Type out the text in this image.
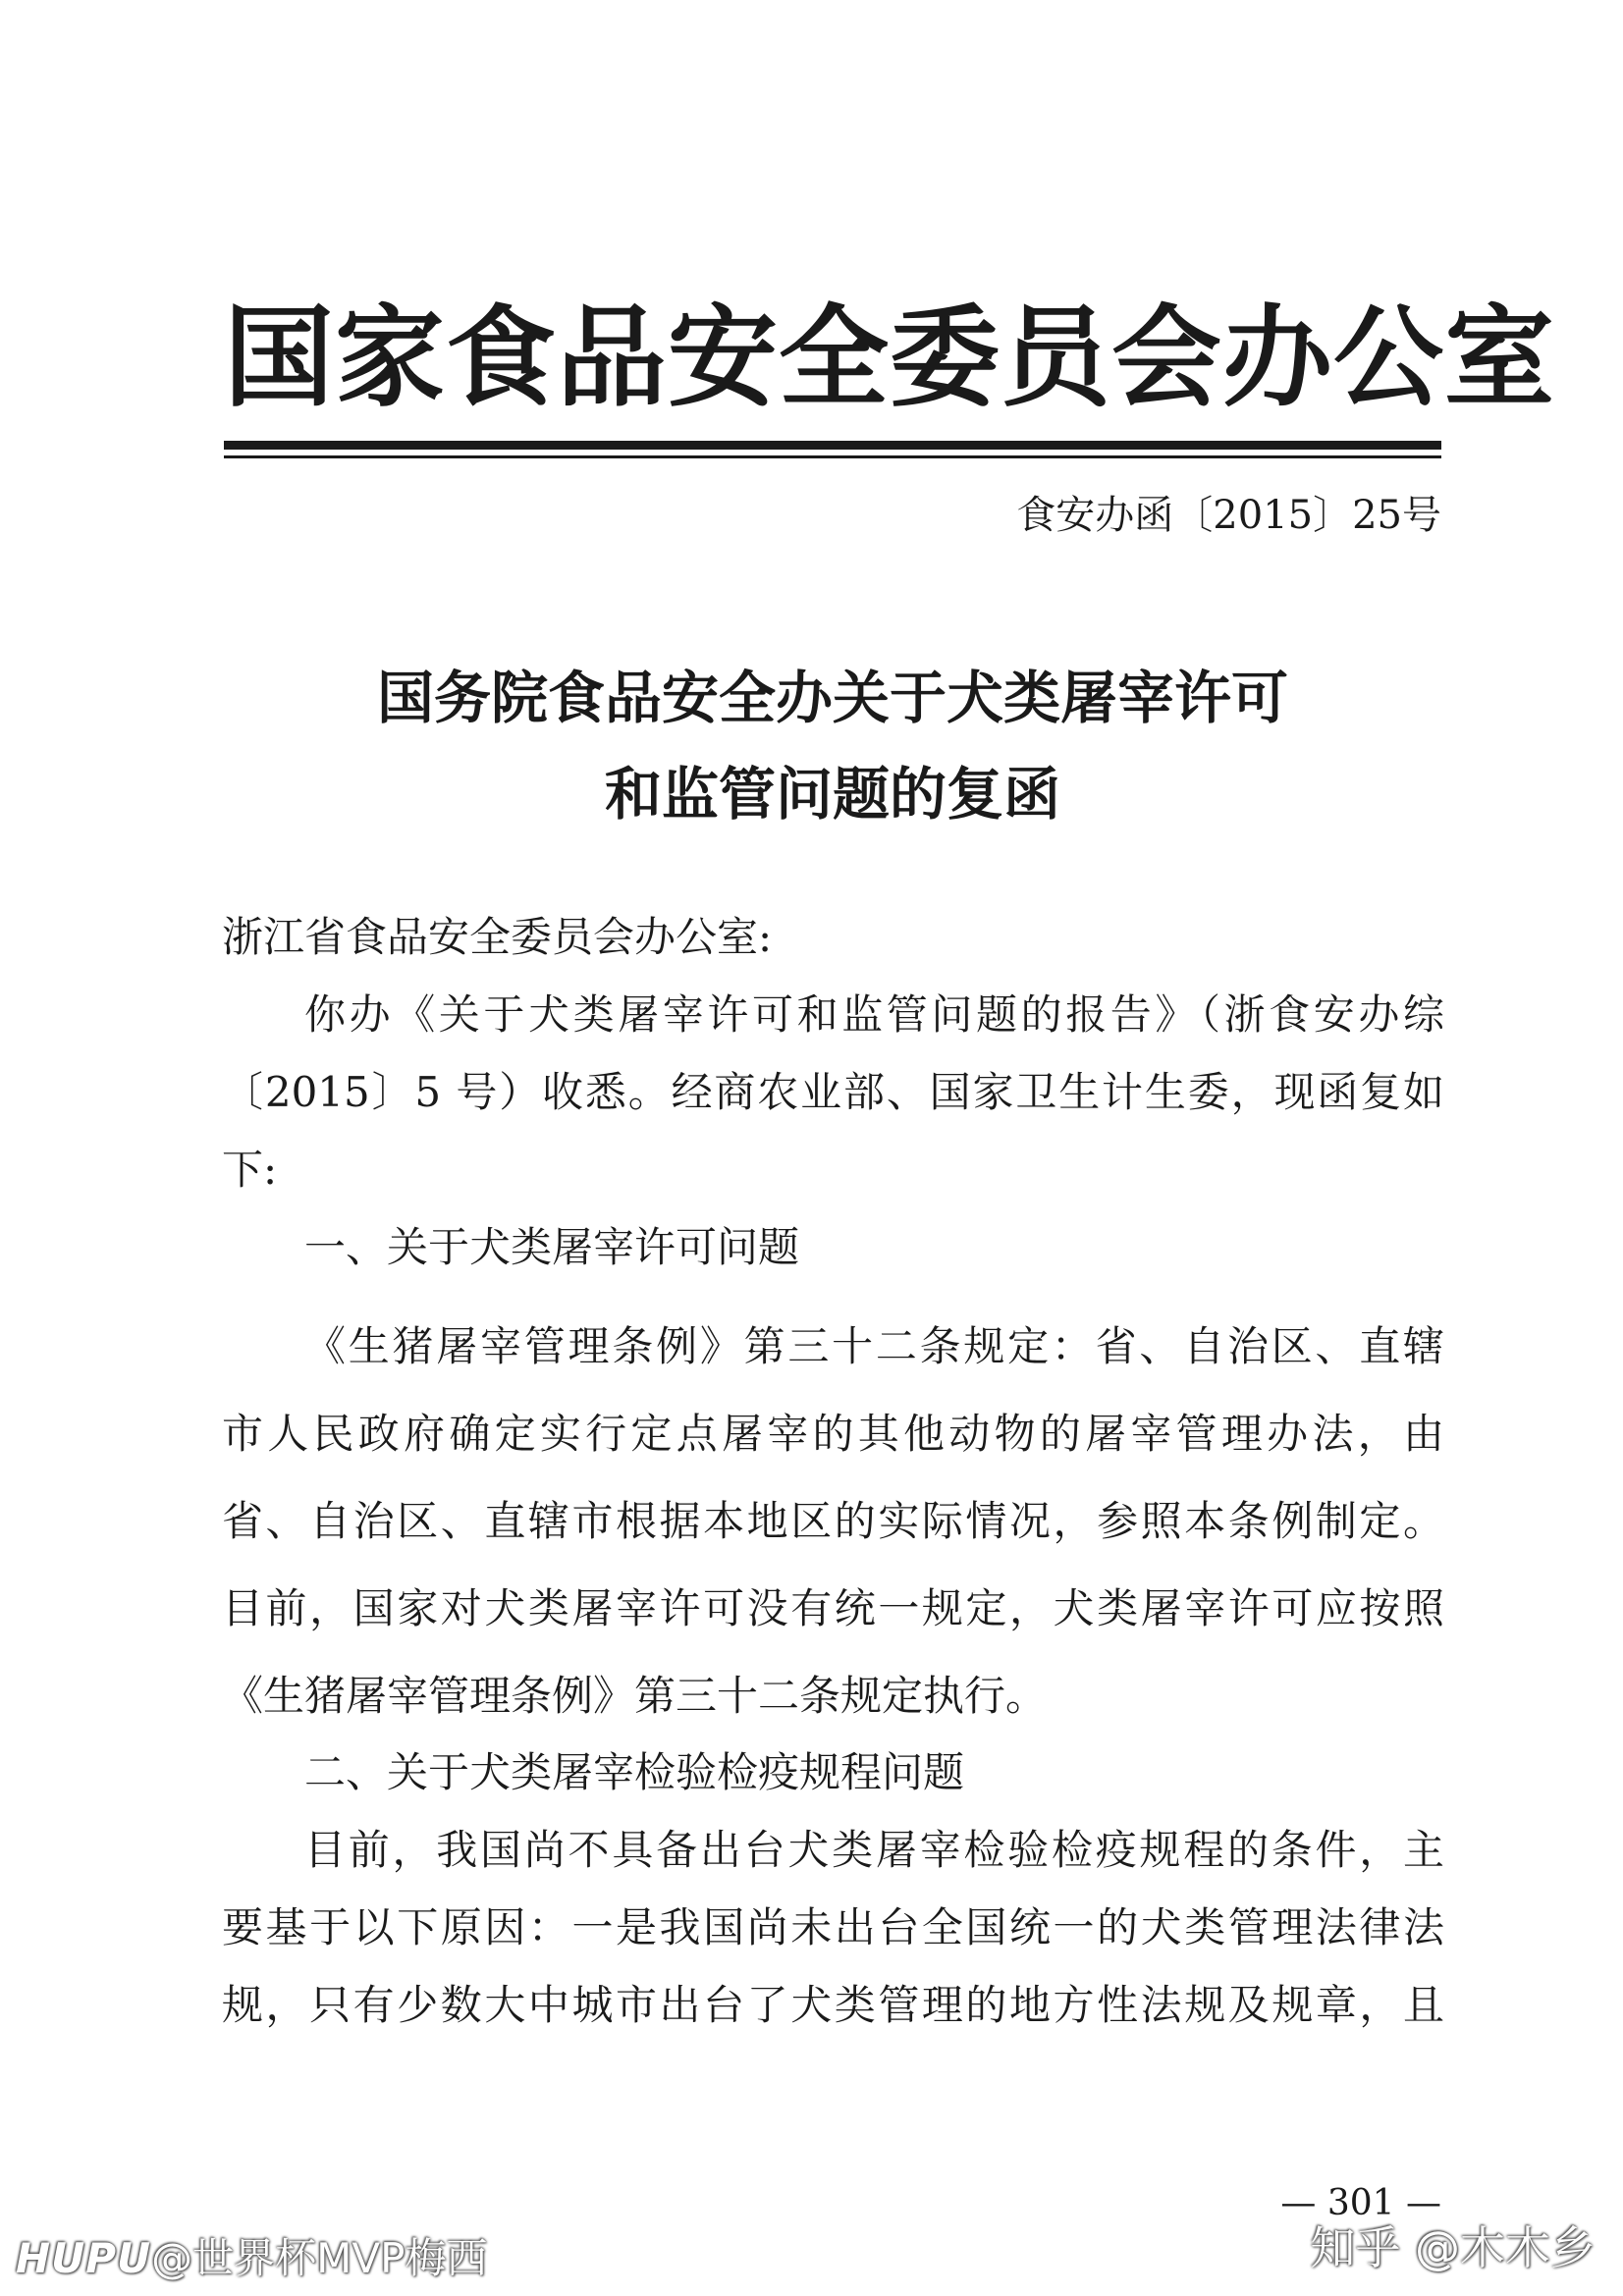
国家食品安全委员会办公室
食安办函〔2015〕25号
国务院食品安全办关于犬类屠宰许可
和监管问题的复函
浙江省食品安全委员会办公室:
你办《关于犬类屠宰许可和监管问题的报告》（浙食安办综
〔2015〕5 号）收悉。经商农业部、国家卫生计生委，现函复如
下:
一、关于犬类屠宰许可问题
《生猪屠宰管理条例》第三十二条规定：省、自治区、直辖
市人民政府确定实行定点屠宰的其他动物的屠宰管理办法，由
省、自治区、直辖市根据本地区的实际情况，参照本条例制定。
目前，国家对犬类屠宰许可没有统一规定，犬类屠宰许可应按照
《生猪屠宰管理条例》第三十二条规定执行。
二、关于犬类屠宰检验检疫规程问题
目前，我国尚不具备出台犬类屠宰检验检疫规程的条件，主
要基于以下原因：一是我国尚未出台全国统一的犬类管理法律法
规，只有少数大中城市出台了犬类管理的地方性法规及规章，且
— 301 —
HUPU@世界杯MVP梅西	知乎 @木木乡
